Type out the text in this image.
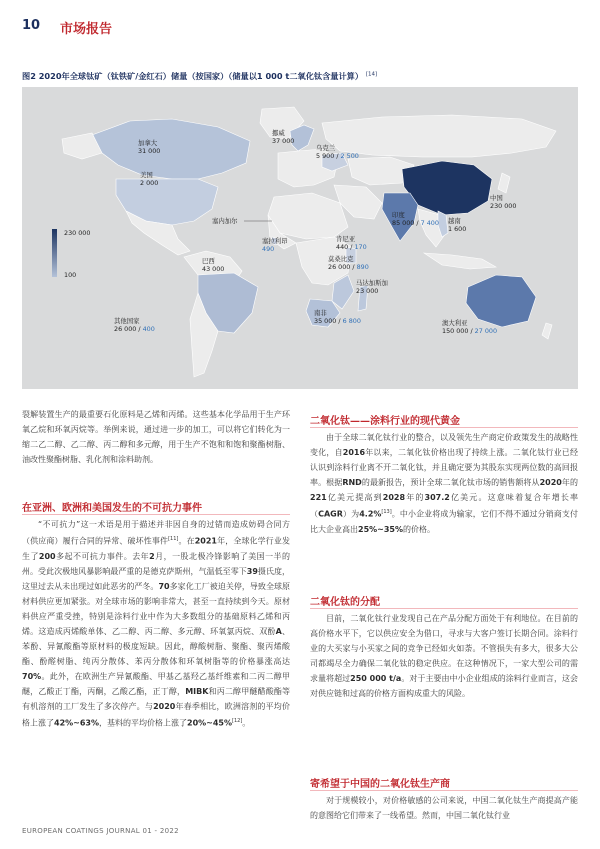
10 市场报告
图2 2020年全球钛矿（钛铁矿/金红石）储量（按国家）（储量以1 000 t二氧化钛含量计算） [14]
230 000
100
加拿大
31 000
美国
2 000
挪威
37 000
乌克兰
5 900 / 2 500
中国
230 000
印度
85 000 / 7 400 越南
1 600
塞内加尔
塞拉利昂
490
肯尼亚
440 / 170
莫桑比克
26 000 / 890
马达加斯加
23 000
巴西
43 000
南非
35 000 / 6 800	澳大利亚
150 000 / 27 000
其他国家
26 000 / 400

裂解装置生产的最重要石化原料是乙烯和丙烯。这些基本化学品用于生产环氧乙烷和环氧丙烷等。举例来说，通过进一步的加工，可以将它们转化为一缩二乙二醇、乙二醇、丙二醇和多元醇，用于生产不饱和和饱和聚酯树脂、油改性聚酯树脂、乳化剂和涂料助剂。

在亚洲、欧洲和美国发生的不可抗力事件

“不可抗力”这一术语是用于描述并非因自身的过错而造成妨碍合同方（供应商）履行合同的异常、破坏性事件[11]。在2021年，全球化学行业发生了200多起不可抗力事件。去年2月，一股北极冷锋影响了美国一半的州。受此次极地风暴影响最严重的是德克萨斯州，气温低至零下39摄氏度，这里过去从未出现过如此恶劣的严冬。70多家化工厂被迫关停，导致全球原材料供应更加紧张。对全球市场的影响非常大，甚至一直持续到今天。原材料供应严重受挫，特别是涂料行业中作为大多数组分的基础原料乙烯和丙烯。这造成丙烯酸单体、乙二醇、丙二醇、多元醇、环氧氯丙烷、双酚A、苯酚、异氰酸酯等原材料的极度短缺。因此，醇酸树脂、聚酯、聚丙烯酸酯、酚醛树脂、纯丙分散体、苯丙分散体和环氧树脂等的价格暴涨高达70%。此外，在欧洲生产异氰酸酯、甲基乙基羟乙基纤维素和二丙二醇甲醚，乙酸正丁酯，丙酮，乙酸乙酯，正丁醇，MIBK和丙二醇甲醚醋酸酯等有机溶剂的工厂发生了多次停产。与2020年春季相比，欧洲溶剂的平均价格上涨了42%~63%，基料的平均价格上涨了20%~45%[12]。

二氧化钛——涂料行业的现代黄金

由于全球二氧化钛行业的整合，以及领先生产商定价政策发生的战略性变化，自2016年以来，二氧化钛价格出现了持续上涨。二氧化钛行业已经认识到涂料行业离不开二氧化钛，并且确定要为其股东实现两位数的高回报率。根据RND的最新报告，预计全球二氧化钛市场的销售额将从2020年的221亿美元提高到2028年的307.2亿美元。这意味着复合年增长率（CAGR）为4.2%[13]。中小企业将成为输家，它们不得不通过分销商支付比大企业高出25%~35%的价格。

二氧化钛的分配

目前，二氧化钛行业发现自己在产品分配方面处于有利地位。在目前的高价格水平下，它以供应安全为借口，寻求与大客户签订长期合同。涂料行业的大买家与小买家之间的竞争已经如火如荼。不管损失有多大，很多大公司都竭尽全力确保二氧化钛的稳定供应。在这种情况下，一家大型公司的需求量将超过250 000 t/a。对于主要由中小企业组成的涂料行业而言，这会对供应链和过高的价格方面构成重大的风险。

寄希望于中国的二氧化钛生产商

对于规模较小，对价格敏感的公司来说，中国二氧化钛生产商提高产能的意图给它们带来了一线希望。然而，中国二氧化钛行业

EUROPEAN COATINGS JOURNAL 01 - 2022
